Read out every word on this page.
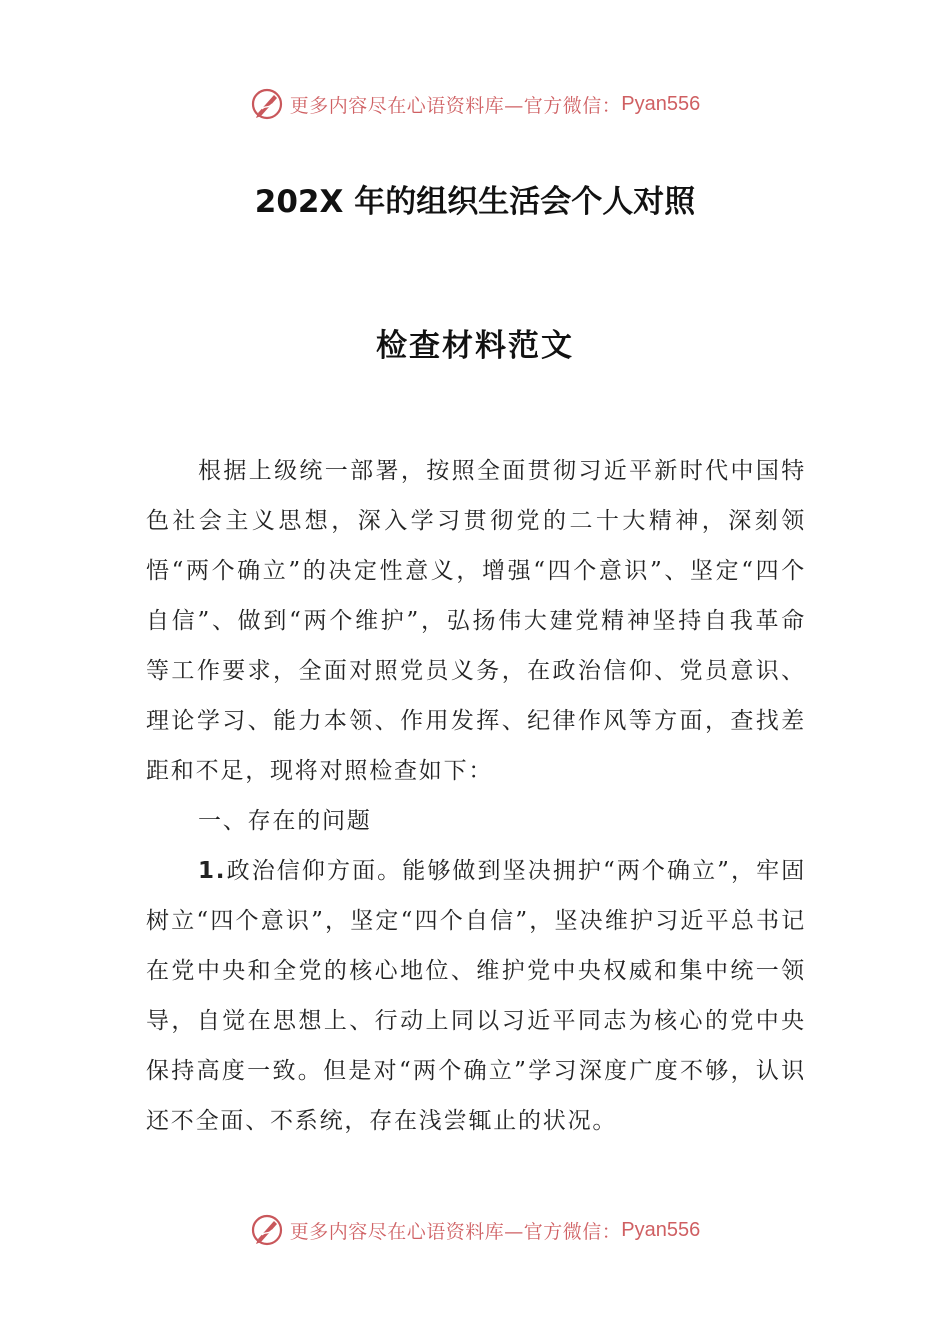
更多内容尽在心语资料库—官方微信： Pyan556
202X 年的组织生活会个人对照
检查材料范文

根据上级统一部署，按照全面贯彻习近平新时代中国特色社会主义思想，深入学习贯彻党的二十大精神，深刻领悟“两个确立”的决定性意义，增强“四个意识”、坚定“四个自信”、做到“两个维护”，弘扬伟大建党精神坚持自我革命等工作要求，全面对照党员义务，在政治信仰、党员意识、理论学习、能力本领、作用发挥、纪律作风等方面，查找差距和不足，现将对照检查如下：

一、存在的问题

1.政治信仰方面。能够做到坚决拥护“两个确立”，牢固树立“四个意识”，坚定“四个自信”，坚决维护习近平总书记在党中央和全党的核心地位、维护党中央权威和集中统一领导，自觉在思想上、行动上同以习近平同志为核心的党中央保持高度一致。但是对“两个确立”学习深度广度不够，认识还不全面、不系统，存在浅尝辄止的状况。

更多内容尽在心语资料库—官方微信： Pyan556
